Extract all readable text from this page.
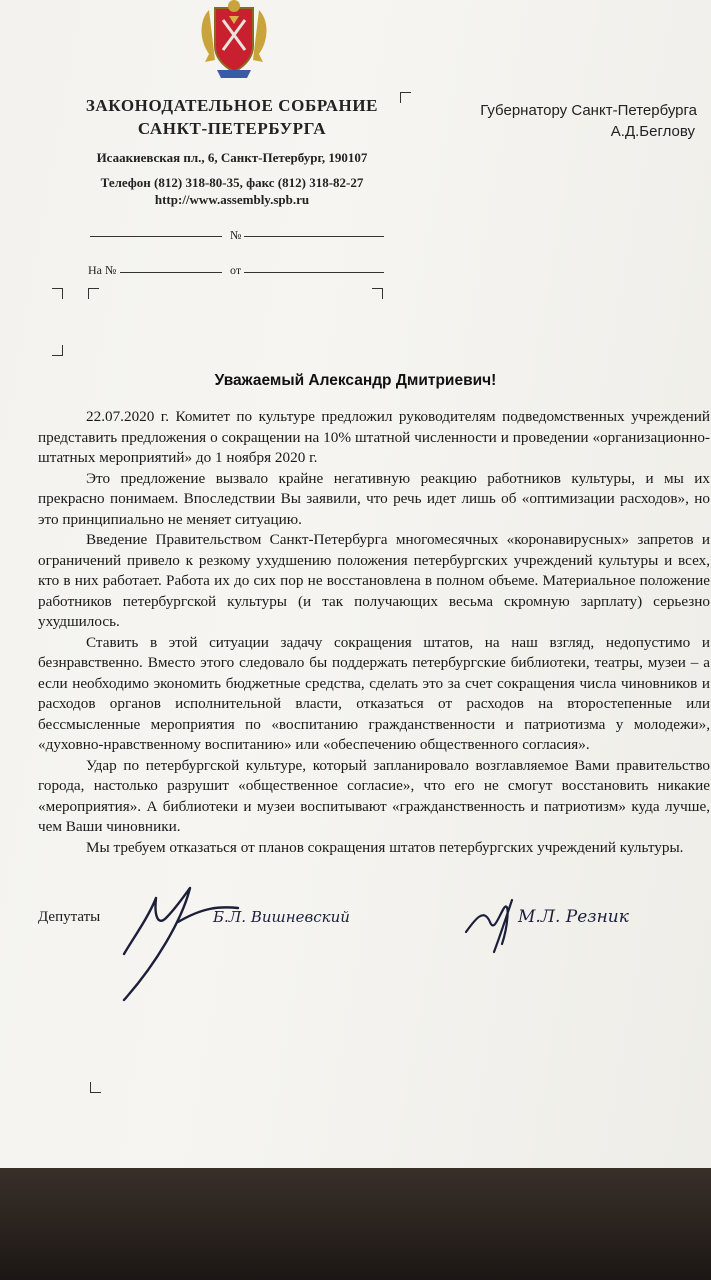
ЗАКОНОДАТЕЛЬНОЕ СОБРАНИЕ
САНКТ-ПЕТЕРБУРГА
Исаакиевская пл., 6, Санкт-Петербург, 190107
Телефон (812) 318-80-35, факс (812) 318-82-27
http://www.assembly.spb.ru
№
На №	от
Губернатору Санкт-Петербурга
А.Д.Беглову
Уважаемый Александр Дмитриевич!

22.07.2020 г. Комитет по культуре предложил руководителям подведомственных учреждений представить предложения о сокращении на 10% штатной численности и проведении «организационно-штатных мероприятий» до 1 ноября 2020 г.

Это предложение вызвало крайне негативную реакцию работников культуры, и мы их прекрасно понимаем. Впоследствии Вы заявили, что речь идет лишь об «оптимизации расходов», но это принципиально не меняет ситуацию.

Введение Правительством Санкт-Петербурга многомесячных «коронавирусных» запретов и ограничений привело к резкому ухудшению положения петербургских учреждений культуры и всех, кто в них работает. Работа их до сих пор не восстановлена в полном объеме. Материальное положение работников петербургской культуры (и так получающих весьма скромную зарплату) серьезно ухудшилось.

Ставить в этой ситуации задачу сокращения штатов, на наш взгляд, недопустимо и безнравственно. Вместо этого следовало бы поддержать петербургские библиотеки, театры, музеи – а если необходимо экономить бюджетные средства, сделать это за счет сокращения числа чиновников и расходов органов исполнительной власти, отказаться от расходов на второстепенные или бессмысленные мероприятия по «воспитанию гражданственности и патриотизма у молодежи», «духовно-нравственному воспитанию» или «обеспечению общественного согласия».

Удар по петербургской культуре, который запланировало возглавляемое Вами правительство города, настолько разрушит «общественное согласие», что его не смогут восстановить никакие «мероприятия». А библиотеки и музеи воспитывают «гражданственность и патриотизм» куда лучше, чем Ваши чиновники.

Мы требуем отказаться от планов сокращения штатов петербургских учреждений культуры.

Депутаты	Б.Л. Вишневский	М.Л. Резник
